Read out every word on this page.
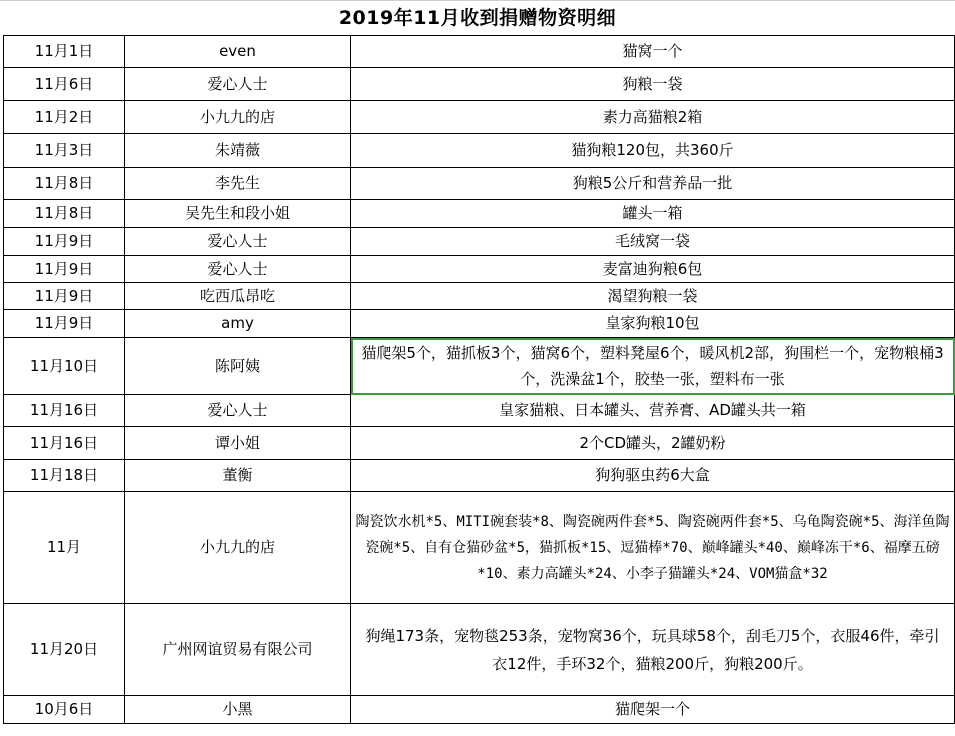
2019年11月收到捐赠物资明细
11月1日	even	猫窝一个
11月6日	爱心人士	狗粮一袋
11月2日	小九九的店	素力高猫粮2箱
11月3日	朱靖薇	猫狗粮120包，共360斤
11月8日	李先生	狗粮5公斤和营养品一批
11月8日	吴先生和段小姐	罐头一箱
11月9日	爱心人士	毛绒窝一袋
11月9日	爱心人士	麦富迪狗粮6包
11月9日	吃西瓜昂吃	渴望狗粮一袋
11月9日	amy	皇家狗粮10包
11月10日	陈阿姨	猫爬架5个，猫抓板3个，猫窝6个，塑料凳屋6个，暖风机2部，狗围栏一个，宠物粮桶3个，洗澡盆1个，胶垫一张，塑料布一张
11月16日	爱心人士	皇家猫粮、日本罐头、营养膏、AD罐头共一箱
11月16日	谭小姐	2个CD罐头，2罐奶粉
11月18日	董衡	狗狗驱虫药6大盒
11月	小九九的店	陶瓷饮水机*5、MITI碗套装*8、陶瓷碗两件套*5、陶瓷碗两件套*5、乌龟陶瓷碗*5、海洋鱼陶瓷碗*5、自有仓猫砂盆*5，猫抓板*15、逗猫棒*70、巅峰罐头*40、巅峰冻干*6、福摩五磅*10、素力高罐头*24、小李子猫罐头*24、VOM猫盒*32
11月20日	广州网谊贸易有限公司	狗绳173条，宠物毯253条，宠物窝36个，玩具球58个，刮毛刀5个，衣服46件，牵引衣12件，手环32个，猫粮200斤，狗粮200斤。
10月6日	小黑	猫爬架一个
